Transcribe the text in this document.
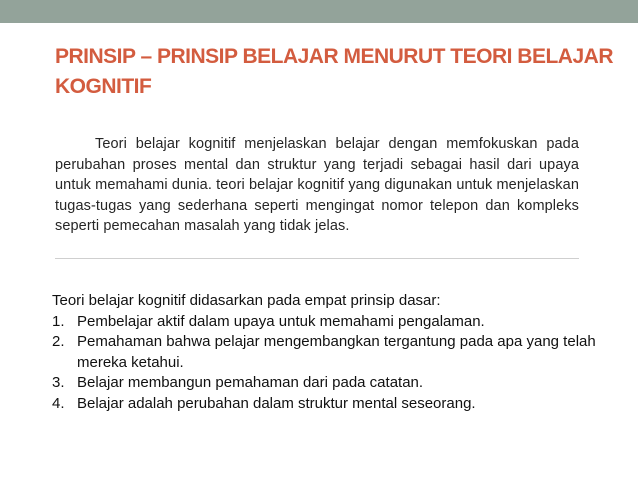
PRINSIP – PRINSIP BELAJAR MENURUT TEORI BELAJAR KOGNITIF

Teori belajar kognitif menjelaskan belajar dengan memfokuskan pada perubahan proses mental dan struktur yang terjadi sebagai hasil dari upaya untuk memahami dunia. teori belajar kognitif yang digunakan untuk menjelaskan tugas-tugas yang sederhana seperti mengingat nomor telepon dan kompleks seperti pemecahan masalah yang tidak jelas.

Teori belajar kognitif didasarkan pada empat prinsip dasar:

1. Pembelajar aktif dalam upaya untuk memahami pengalaman.
2. Pemahaman bahwa pelajar mengembangkan tergantung pada apa yang telah mereka ketahui.
3. Belajar membangun pemahaman dari pada catatan.
4. Belajar adalah perubahan dalam struktur mental seseorang.
